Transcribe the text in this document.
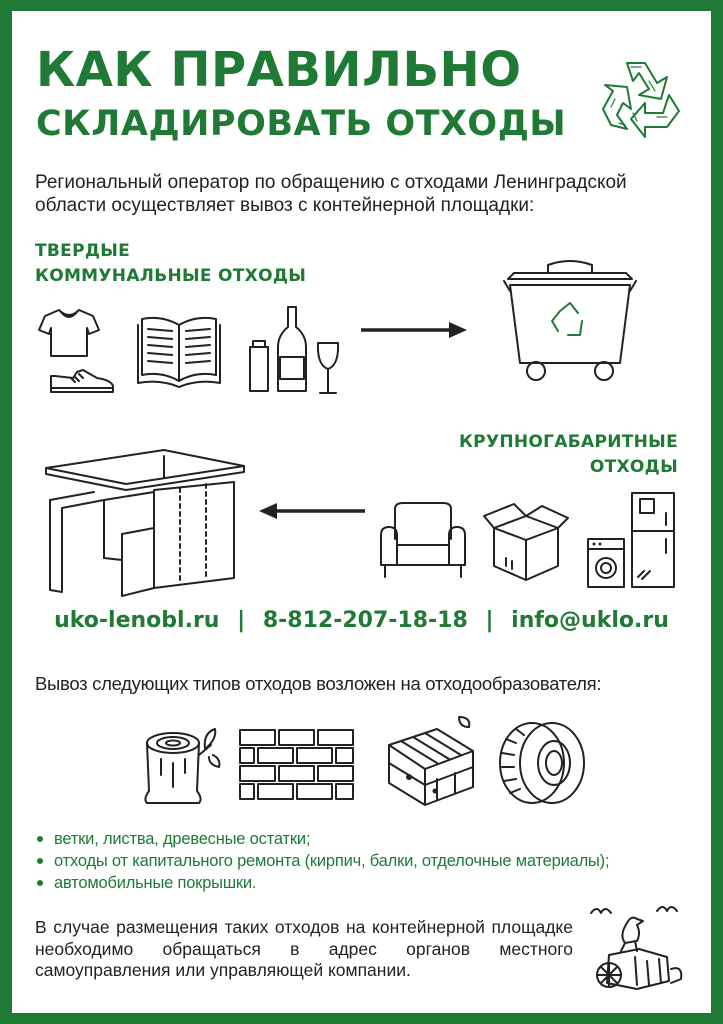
КАК ПРАВИЛЬНО
СКЛАДИРОВАТЬ ОТХОДЫ
Региональный оператор по обращению с отходами Ленинградской области осуществляет вывоз с контейнерной площадки:
ТВЕРДЫЕ
КОММУНАЛЬНЫЕ ОТХОДЫ
КРУПНОГАБАРИТНЫЕ
ОТХОДЫ
uko-lenobl.ru | 8-812-207-18-18 | info@uklo.ru
Вывоз следующих типов отходов возложен на отходообразователя:
ветки, листва, древесные остатки;
отходы от капитального ремонта (кирпич, балки, отделочные материалы);
автомобильные покрышки.
В случае размещения таких отходов на контейнерной площадке необходимо обращаться в адрес органов местного самоуправления или управляющей компании.
